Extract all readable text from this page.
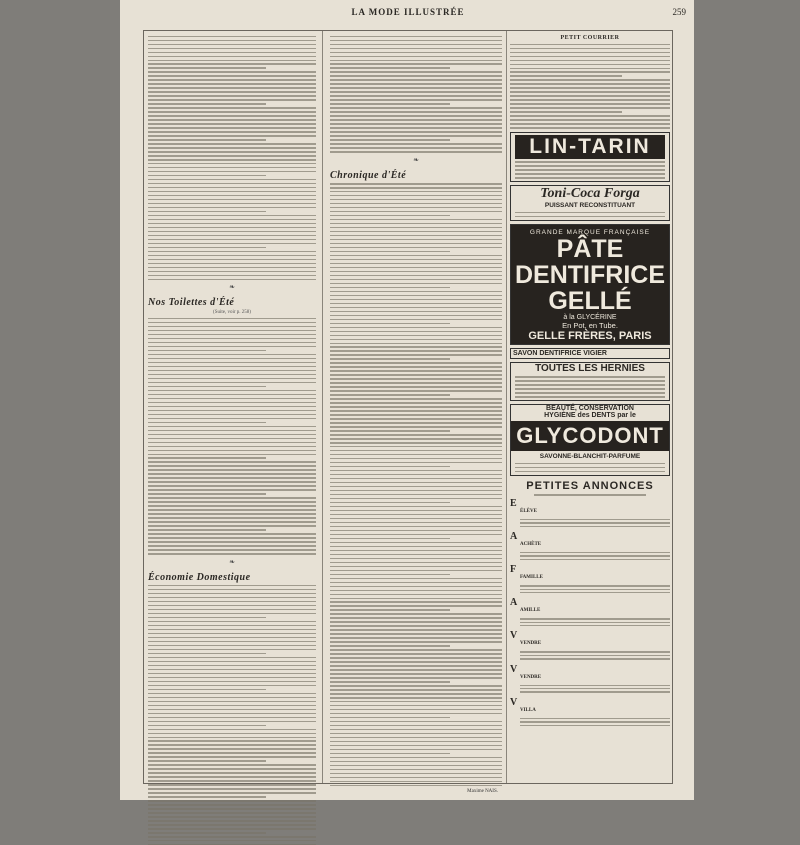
LA MODE ILLUSTRÉE	259
❧
Nos Toilettes d'Été
(Suite, voir p. 258)
❧
Économie Domestique
❧
Chronique d'Été
Maxime NAIS.
PETIT COURRIER
LIN-TARIN
Toni-Coca Forga
PUISSANT RECONSTITUANT
GRANDE MARQUE FRANÇAISE
PÂTE
DENTIFRICE
GELLÉ
à la GLYCÉRINE
En Pot, en Tube.
GELLE FRÈRES, PARIS
SAVON DENTIFRICE VIGIER
TOUTES LES HERNIES
BEAUTÉ, CONSERVATION
HYGIÈNE des DENTS par le
GLYCODONT
SAVONNE-BLANCHIT-PARFUME
PETITES ANNONCES
E
ÉLÈVE
A
ACHÈTE
F
FAMILLE
A
AMILLE
V
VENDRE
V
VENDRE
V
VILLA
